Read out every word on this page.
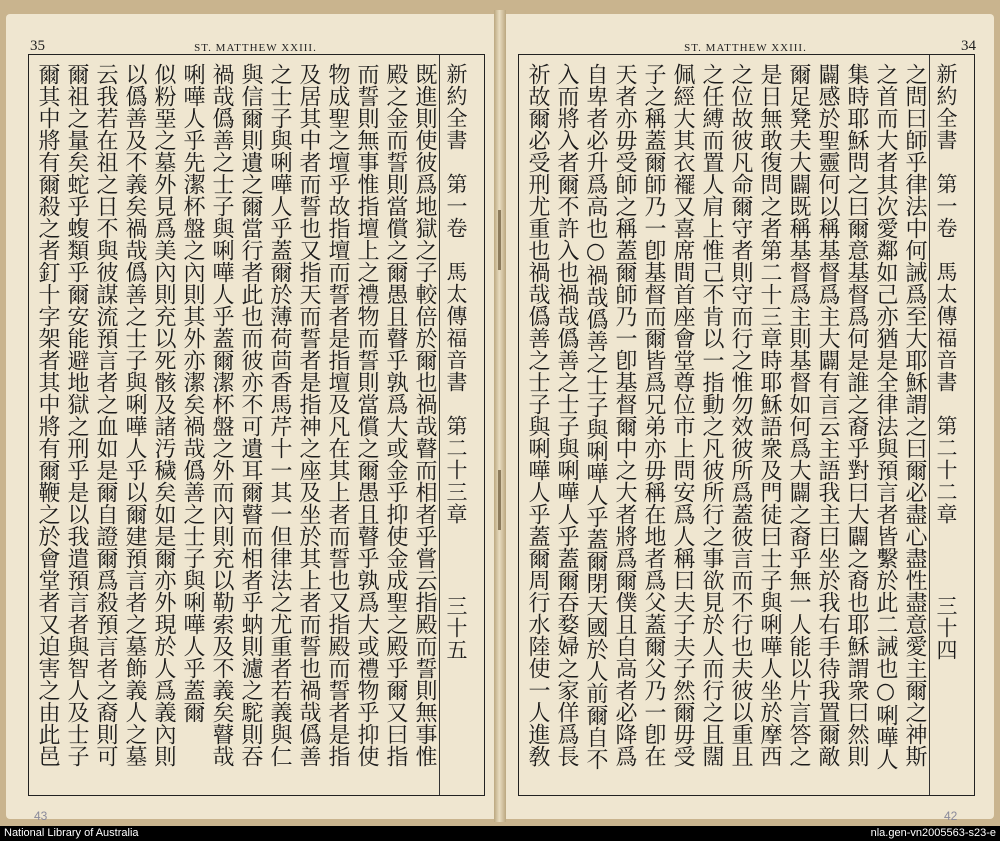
35	ST. MATTHEW XXIII.
新約全書　第一卷　馬太傳福音書　第二十三章三十五
既進則使彼爲地獄之子較倍於爾也禍哉瞽而相者乎嘗云指殿而誓則無事惟
殿之金而誓則當償之爾愚且瞽乎孰爲大或金乎抑使金成聖之殿乎爾又曰指
而誓則無事惟指壇上之禮物而誓則當償之爾愚且瞽乎孰爲大或禮物乎抑使
物成聖之壇乎故指壇而誓者是指壇及凡在其上者而誓也又指殿而誓者是指
及居其中者而誓也又指天而誓者是指神之座及坐於其上者而誓也禍哉僞善
之士子與唎嘩人乎蓋爾於薄荷茴香馬芹十一其一但律法之尤重者若義與仁
與信爾則遺之爾當行者此也而彼亦不可遺耳爾瞽而相者乎蚋則濾之駝則吞
禍哉僞善之士子與唎嘩人乎蓋爾潔杯盤之外而內則充以勒索及不義矣瞽哉
唎嘩人乎先潔杯盤之內則其外亦潔矣禍哉僞善之士子與唎嘩人乎蓋爾
似粉堊之墓外見爲美內則充以死骸及諸汚穢矣如是爾亦外現於人爲義內則
以僞善及不義矣禍哉僞善之士子與唎嘩人乎以爾建預言者之墓飾義人之墓
云我若在祖之日不與彼謀流預言者之血如是爾自證爾爲殺預言者之裔則可
爾祖之量矣蛇乎蝮類乎爾安能避地獄之刑乎是以我遣預言者與智人及士子
爾其中將有爾殺之者釘十字架者其中將有爾鞭之於會堂者又迫害之由此邑
43
34
ST. MATTHEW XXIII.
新約全書　第一卷　馬太傳福音書　第二十二章三十四
之問曰師乎律法中何誡爲至大耶穌謂之曰爾必盡心盡性盡意愛主爾之神斯
之首而大者其次愛鄰如己亦猶是全律法與預言者皆繫於此二誡也○唎嘩人
集時耶穌問之曰爾意基督爲何是誰之裔乎對曰大闢之裔也耶穌謂衆曰然則
闢感於聖靈何以稱基督爲主大闢有言云主語我主曰坐於我右手待我置爾敵
爾足凳夫大闢既稱基督爲主則基督如何爲大闢之裔乎無一人能以片言答之
是日無敢復問之者第二十三章時耶穌語衆及門徒曰士子與唎嘩人坐於摩西
之位故彼凡命爾守者則守而行之惟勿效彼所爲蓋彼言而不行也夫彼以重且
之任縛而置人肩上惟己不肯以一指動之凡彼所行之事欲見於人而行之且闊
佩經大其衣襬又喜席間首座會堂尊位市上問安爲人稱曰夫子夫子然爾毋受
子之稱蓋爾師乃一卽基督而爾皆爲兄弟亦毋稱在地者爲父蓋爾父乃一卽在
天者亦毋受師之稱蓋爾師乃一卽基督爾中之大者將爲爾僕且自高者必降爲
自卑者必升爲高也○禍哉僞善之士子與唎嘩人乎蓋爾閉天國於人前爾自不
入而將入者爾不許入也禍哉僞善之士子與唎嘩人乎蓋爾吞婺婦之家佯爲長
祈故爾必受刑尤重也禍哉僞善之士子與唎嘩人乎蓋爾周行水陸使一人進敎
42
National Library of Australia	nla.gen-vn2005563-s23-e
